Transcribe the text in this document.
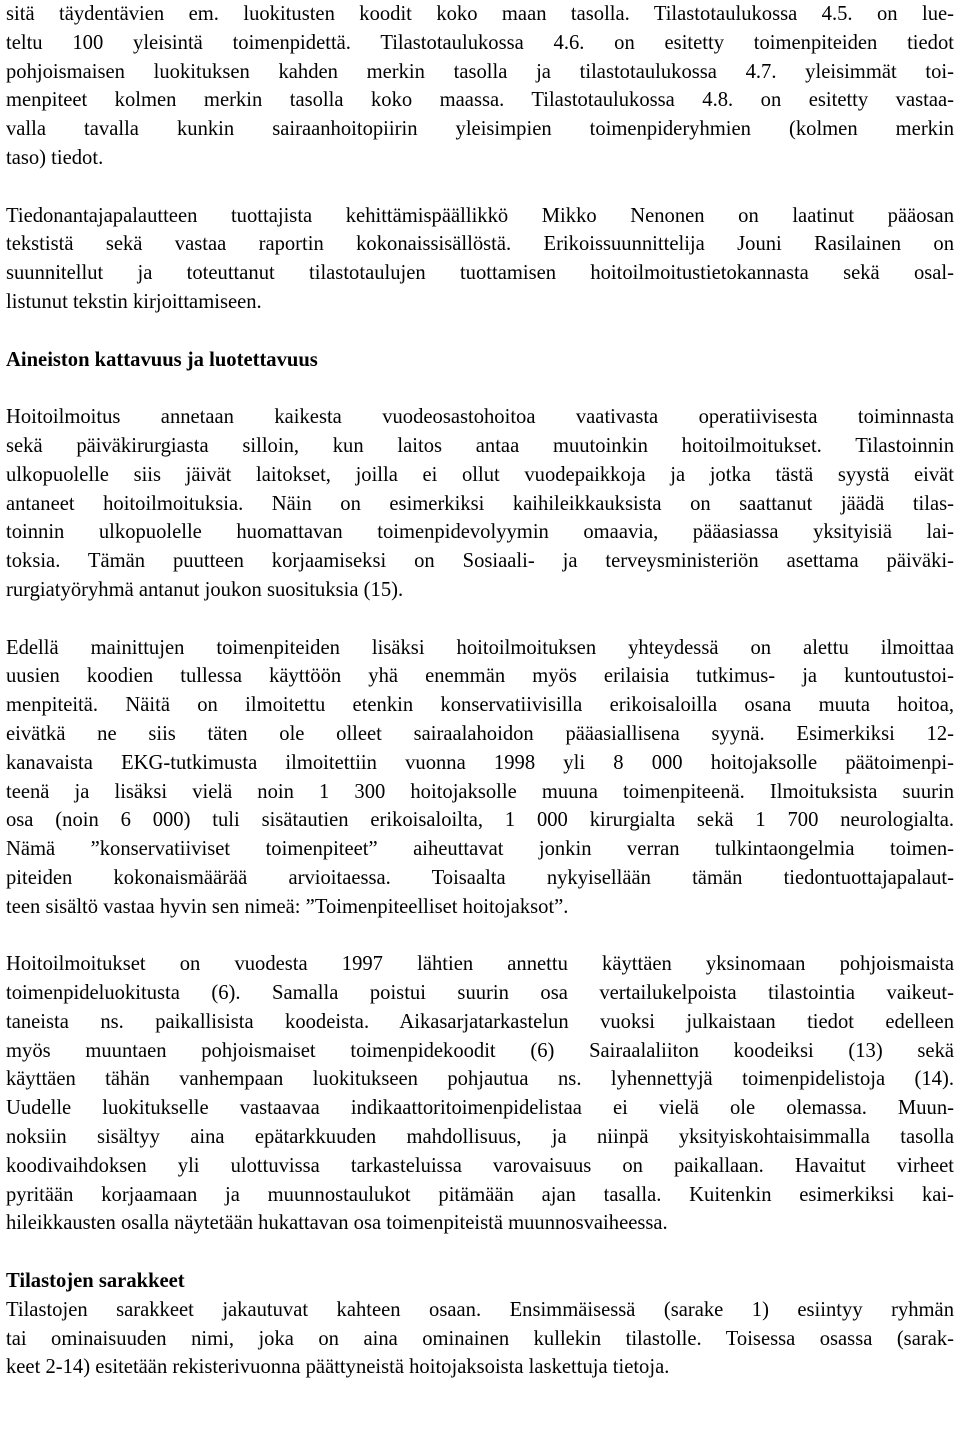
sitä täydentävien em. luokitusten koodit koko maan tasolla. Tilastotaulukossa 4.5. on lue-
teltu 100 yleisintä toimenpidettä. Tilastotaulukossa 4.6. on esitetty toimenpiteiden tiedot
pohjoismaisen luokituksen kahden merkin tasolla ja tilastotaulukossa 4.7. yleisimmät toi-
menpiteet kolmen merkin tasolla koko maassa. Tilastotaulukossa 4.8. on esitetty vastaa-
valla tavalla kunkin sairaanhoitopiirin yleisimpien toimenpideryhmien (kolmen merkin
taso) tiedot.

Tiedonantajapalautteen tuottajista kehittämispäällikkö Mikko Nenonen on laatinut pääosan
tekstistä sekä vastaa raportin kokonaissisällöstä. Erikoissuunnittelija Jouni Rasilainen on
suunnitellut ja toteuttanut tilastotaulujen tuottamisen hoitoilmoitustietokannasta sekä osal-
listunut tekstin kirjoittamiseen.

Aineiston kattavuus ja luotettavuus

Hoitoilmoitus annetaan kaikesta vuodeosastohoitoa vaativasta operatiivisesta toiminnasta
sekä päiväkirurgiasta silloin, kun laitos antaa muutoinkin hoitoilmoitukset. Tilastoinnin
ulkopuolelle siis jäivät laitokset, joilla ei ollut vuodepaikkoja ja jotka tästä syystä eivät
antaneet hoitoilmoituksia. Näin on esimerkiksi kaihileikkauksista on saattanut jäädä tilas-
toinnin ulkopuolelle huomattavan toimenpidevolyymin omaavia, pääasiassa yksityisiä lai-
toksia. Tämän puutteen korjaamiseksi on Sosiaali- ja terveysministeriön asettama päiväki-
rurgiatyöryhmä antanut joukon suosituksia (15).

Edellä mainittujen toimenpiteiden lisäksi hoitoilmoituksen yhteydessä on alettu ilmoittaa
uusien koodien tullessa käyttöön yhä enemmän myös erilaisia tutkimus- ja kuntoutustoi-
menpiteitä. Näitä on ilmoitettu etenkin konservatiivisilla erikoisaloilla osana muuta hoitoa,
eivätkä ne siis täten ole olleet sairaalahoidon pääasiallisena syynä. Esimerkiksi 12-
kanavaista EKG-tutkimusta ilmoitettiin vuonna 1998 yli 8 000 hoitojaksolle päätoimenpi-
teenä ja lisäksi vielä noin 1 300 hoitojaksolle muuna toimenpiteenä. Ilmoituksista suurin
osa (noin 6 000) tuli sisätautien erikoisaloilta, 1 000 kirurgialta sekä 1 700 neurologialta.
Nämä ”konservatiiviset toimenpiteet” aiheuttavat jonkin verran tulkintaongelmia toimen-
piteiden kokonaismäärää arvioitaessa. Toisaalta nykyisellään tämän tiedontuottajapalaut-
teen sisältö vastaa hyvin sen nimeä: ”Toimenpiteelliset hoitojaksot”.

Hoitoilmoitukset on vuodesta 1997 lähtien annettu käyttäen yksinomaan pohjoismaista
toimenpideluokitusta (6). Samalla poistui suurin osa vertailukelpoista tilastointia vaikeut-
taneista ns. paikallisista koodeista. Aikasarjatarkastelun vuoksi julkaistaan tiedot edelleen
myös muuntaen pohjoismaiset toimenpidekoodit (6) Sairaalaliiton koodeiksi (13) sekä
käyttäen tähän vanhempaan luokitukseen pohjautua ns. lyhennettyjä toimenpidelistoja (14).
Uudelle luokitukselle vastaavaa indikaattoritoimenpidelistaa ei vielä ole olemassa. Muun-
noksiin sisältyy aina epätarkkuuden mahdollisuus, ja niinpä yksityiskohtaisimmalla tasolla
koodivaihdoksen yli ulottuvissa tarkasteluissa varovaisuus on paikallaan. Havaitut virheet
pyritään korjaamaan ja muunnostaulukot pitämään ajan tasalla. Kuitenkin esimerkiksi kai-
hileikkausten osalla näytetään hukattavan osa toimenpiteistä muunnosvaiheessa.

Tilastojen sarakkeet

Tilastojen sarakkeet jakautuvat kahteen osaan. Ensimmäisessä (sarake 1) esiintyy ryhmän
tai ominaisuuden nimi, joka on aina ominainen kullekin tilastolle. Toisessa osassa (sarak-
keet 2-14) esitetään rekisterivuonna päättyneistä hoitojaksoista laskettuja tietoja.
